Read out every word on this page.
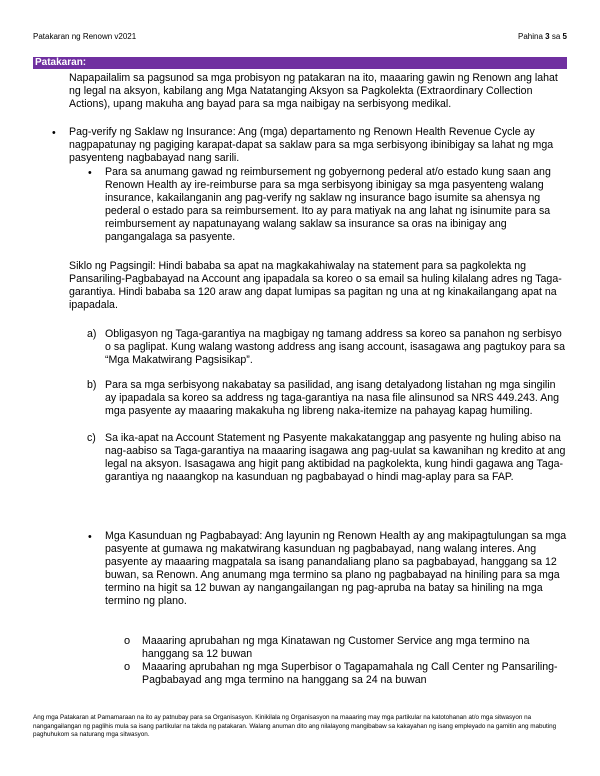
Patakaran ng Renown v2021	Pahina 3 sa 5
Patakaran:

Napapailalim sa pagsunod sa mga probisyon ng patakaran na ito, maaaring gawin ng Renown ang lahat ng legal na aksyon, kabilang ang Mga Natatanging Aksyon sa Pagkolekta (Extraordinary Collection Actions), upang makuha ang bayad para sa mga naibigay na serbisyong medikal.

• Pag-verify ng Saklaw ng Insurance: Ang (mga) departamento ng Renown Health Revenue Cycle ay nagpapatunay ng pagiging karapat-dapat sa saklaw para sa mga serbisyong ibinibigay sa lahat ng mga pasyenteng nagbabayad nang sarili.

• Para sa anumang gawad ng reimbursement ng gobyernong pederal at/o estado kung saan ang Renown Health ay ire-reimburse para sa mga serbisyong ibinigay sa mga pasyenteng walang insurance, kakailanganin ang pag-verify ng saklaw ng insurance bago isumite sa ahensya ng pederal o estado para sa reimbursement. Ito ay para matiyak na ang lahat ng isinumite para sa reimbursement ay napatunayang walang saklaw sa insurance sa oras na ibinigay ang pangangalaga sa pasyente.

Siklo ng Pagsingil: Hindi bababa sa apat na magkakahiwalay na statement para sa pagkolekta ng Pansariling-Pagbabayad na Account ang ipapadala sa koreo o sa email sa huling kilalang adres ng Taga-garantiya. Hindi bababa sa 120 araw ang dapat lumipas sa pagitan ng una at ng kinakailangang apat na ipapadala.

a) Obligasyon ng Taga-garantiya na magbigay ng tamang address sa koreo sa panahon ng serbisyo o sa paglipat. Kung walang wastong address ang isang account, isasagawa ang pagtukoy para sa “Mga Makatwirang Pagsisikap”.

b) Para sa mga serbisyong nakabatay sa pasilidad, ang isang detalyadong listahan ng mga singilin ay ipapadala sa koreo sa address ng taga-garantiya na nasa file alinsunod sa NRS 449.243. Ang mga pasyente ay maaaring makakuha ng libreng naka-itemize na pahayag kapag humiling.

c) Sa ika-apat na Account Statement ng Pasyente makakatanggap ang pasyente ng huling abiso na nag-aabiso sa Taga-garantiya na maaaring isagawa ang pag-uulat sa kawanihan ng kredito at ang legal na aksyon. Isasagawa ang higit pang aktibidad na pagkolekta, kung hindi gagawa ang Taga-garantiya ng naaangkop na kasunduan ng pagbabayad o hindi mag-aplay para sa FAP.

• Mga Kasunduan ng Pagbabayad: Ang layunin ng Renown Health ay ang makipagtulungan sa mga pasyente at gumawa ng makatwirang kasunduan ng pagbabayad, nang walang interes. Ang pasyente ay maaaring magpatala sa isang panandaliang plano sa pagbabayad, hanggang sa 12 buwan, sa Renown. Ang anumang mga termino sa plano ng pagbabayad na hiniling para sa mga termino na higit sa 12 buwan ay nangangailangan ng pag-apruba na batay sa hiniling na mga termino ng plano.

o Maaaring aprubahan ng mga Kinatawan ng Customer Service ang mga termino na hanggang sa 12 buwan

o Maaaring aprubahan ng mga Superbisor o Tagapamahala ng Call Center ng Pansariling-Pagbabayad ang mga termino na hanggang sa 24 na buwan

Ang mga Patakaran at Pamamaraan na ito ay patnubay para sa Organisasyon. Kinikilala ng Organisasyon na maaaring may mga partikular na katotohanan at/o mga sitwasyon na nangangailangan ng paglihis mula sa isang partikular na takda ng patakaran. Walang anuman dito ang nilalayong mangibabaw sa kakayahan ng isang empleyado na gamitin ang mabuting paghuhukom sa naturang mga sitwasyon.
